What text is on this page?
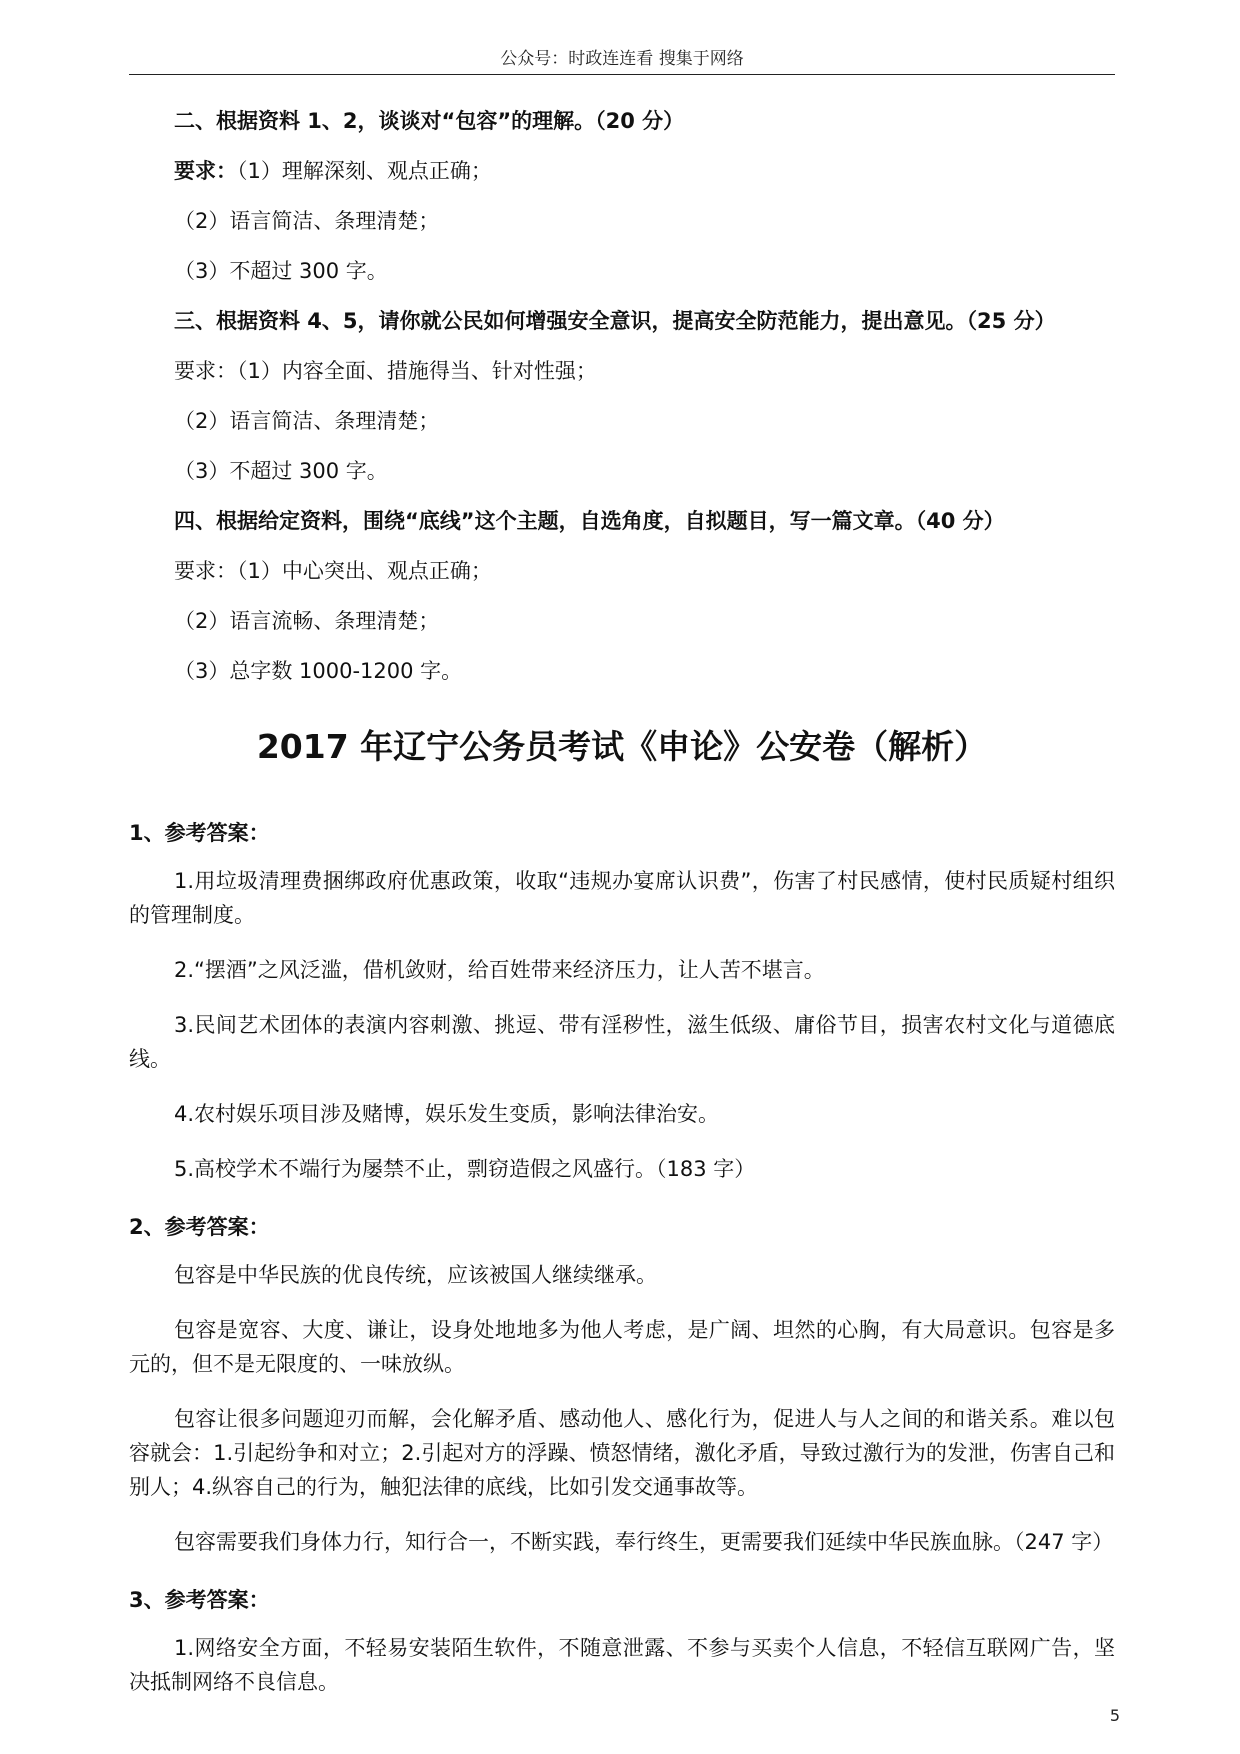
公众号：时政连连看 搜集于网络
二、根据资料 1、2，谈谈对“包容”的理解。（20 分）
要求：（1）理解深刻、观点正确；
（2）语言简洁、条理清楚；
（3）不超过 300 字。
三、根据资料 4、5，请你就公民如何增强安全意识，提高安全防范能力，提出意见。（25 分）
要求：（1）内容全面、措施得当、针对性强；
（2）语言简洁、条理清楚；
（3）不超过 300 字。
四、根据给定资料，围绕“底线”这个主题，自选角度，自拟题目，写一篇文章。（40 分）
要求：（1）中心突出、观点正确；
（2）语言流畅、条理清楚；
（3）总字数 1000-1200 字。
2017 年辽宁公务员考试《申论》公安卷（解析）
1、参考答案：

1.用垃圾清理费捆绑政府优惠政策，收取“违规办宴席认识费”，伤害了村民感情，使村民质疑村组织的管理制度。

2.“摆酒”之风泛滥，借机敛财，给百姓带来经济压力，让人苦不堪言。

3.民间艺术团体的表演内容刺激、挑逗、带有淫秽性，滋生低级、庸俗节目，损害农村文化与道德底线。

4.农村娱乐项目涉及赌博，娱乐发生变质，影响法律治安。

5.高校学术不端行为屡禁不止，剽窃造假之风盛行。（183 字）

2、参考答案：

包容是中华民族的优良传统，应该被国人继续继承。

包容是宽容、大度、谦让，设身处地地多为他人考虑，是广阔、坦然的心胸，有大局意识。包容是多元的，但不是无限度的、一味放纵。

包容让很多问题迎刃而解，会化解矛盾、感动他人、感化行为，促进人与人之间的和谐关系。难以包容就会：1.引起纷争和对立；2.引起对方的浮躁、愤怒情绪，激化矛盾，导致过激行为的发泄，伤害自己和别人；4.纵容自己的行为，触犯法律的底线，比如引发交通事故等。

包容需要我们身体力行，知行合一，不断实践，奉行终生，更需要我们延续中华民族血脉。（247 字）

3、参考答案：

1.网络安全方面，不轻易安装陌生软件，不随意泄露、不参与买卖个人信息，不轻信互联网广告，坚决抵制网络不良信息。

5
